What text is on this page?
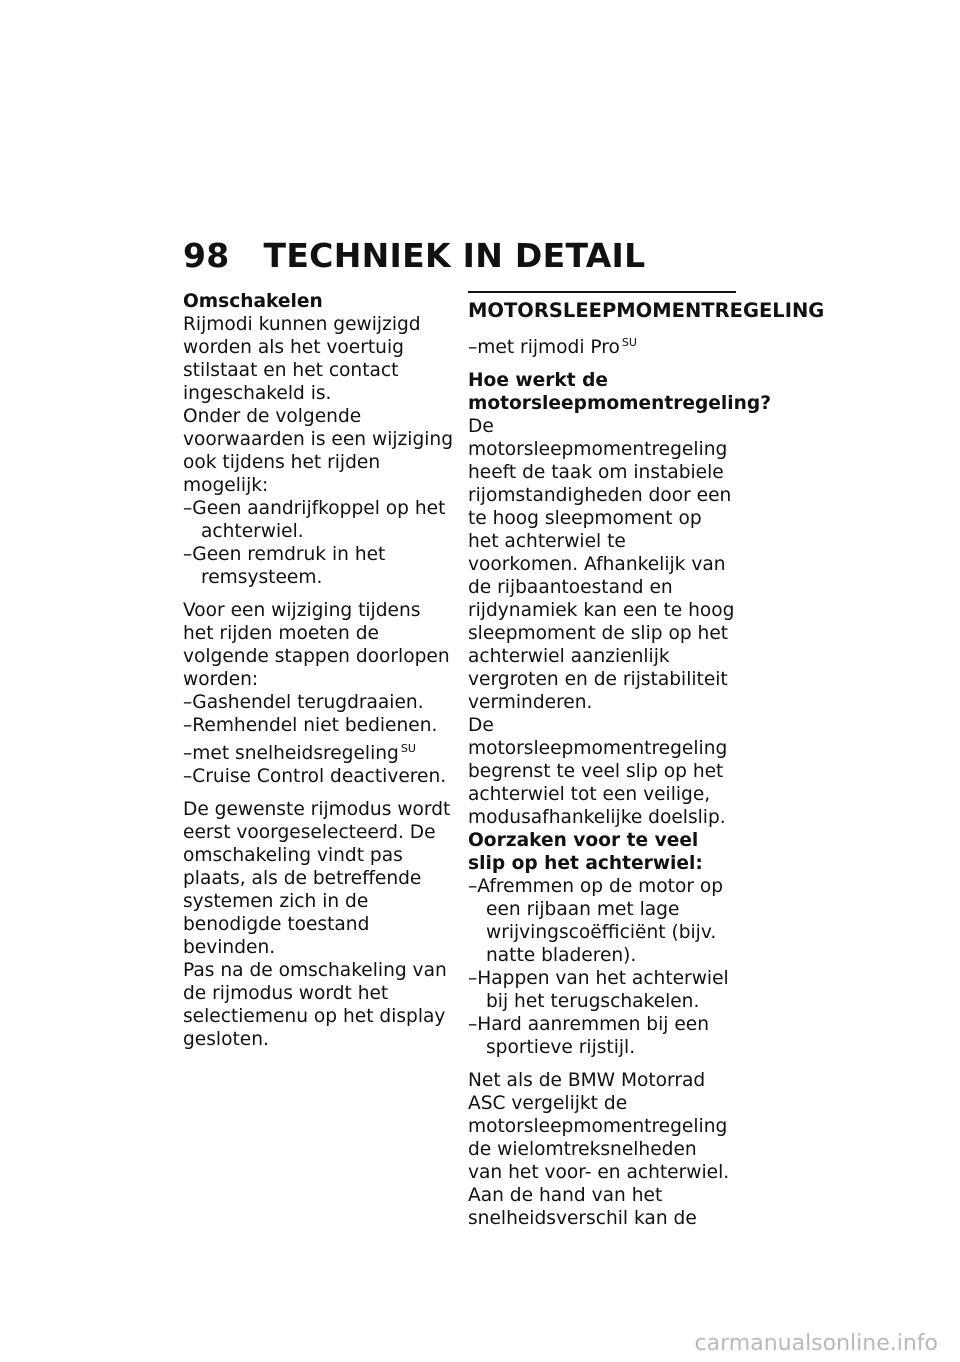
98 TECHNIEK IN DETAIL
Omschakelen

Rijmodi kunnen gewijzigd worden als het voertuig stilstaat en het contact ingeschakeld is.

Onder de volgende voorwaarden is een wijziging ook tijdens het rijden mogelijk:

–Geen aandrijfkoppel op het achterwiel.

–Geen remdruk in het remsysteem.

Voor een wijziging tijdens het rijden moeten de volgende stappen doorlopen worden:

–Gashendel terugdraaien.

–Remhendel niet bedienen.

–met snelheidsregeling $^{SU}$

–Cruise Control deactiveren.

De gewenste rijmodus wordt eerst voorgeselecteerd. De omschakeling vindt pas plaats, als de betreffende systemen zich in de benodigde toestand bevinden.

Pas na de omschakeling van de rijmodus wordt het selectiemenu op het display gesloten.

MOTORSLEEPMOMENTREGELING

–met rijmodi Pro $^{SU}$

Hoe werkt de motorsleepmomentregeling?

De motorsleepmomentregeling heeft de taak om instabiele rijomstandigheden door een te hoog sleepmoment op het achterwiel te voorkomen. Afhankelijk van de rijbaantoestand en rijdynamiek kan een te hoog sleepmoment de slip op het achterwiel aanzienlijk vergroten en de rijstabiliteit verminderen.

De motorsleepmomentregeling begrenst te veel slip op het achterwiel tot een veilige, modusafhankelijke doelslip.

Oorzaken voor te veel slip op het achterwiel:

–Afremmen op de motor op een rijbaan met lage wrijvingscoëfficiënt (bijv. natte bladeren).

–Happen van het achterwiel bij het terugschakelen.

–Hard aanremmen bij een sportieve rijstijl.

Net als de BMW Motorrad ASC vergelijkt de motorsleepmomentregeling de wielomtreksnelheden van het voor- en achterwiel. Aan de hand van het snelheidsverschil kan de

carmanualsonline.info
